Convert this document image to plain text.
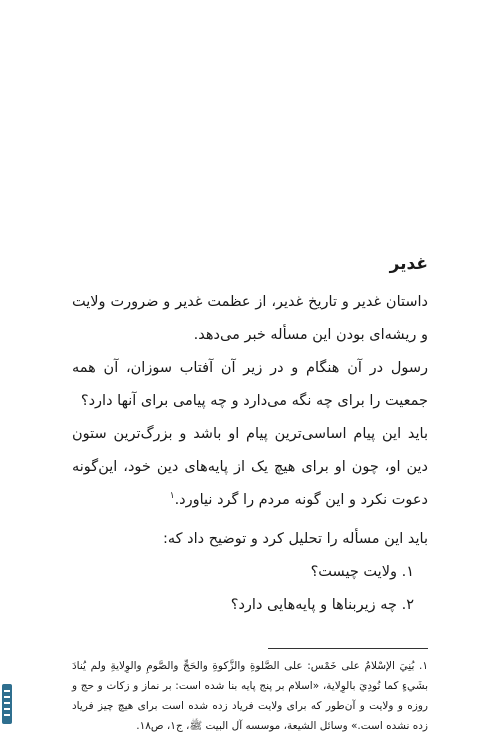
غدیر

داستان غدیر و تاریخ غدیر، از عظمت غدیر و ضرورت ولایت و ریشه‌ای بودن این مسأله خبر می‌دهد.

رسول در آن هنگام و در زیر آن آفتاب سوزان، آن همه جمعیت را برای چه نگه می‌دارد و چه پیامی برای آنها دارد؟

باید این پیام اساسی‌ترین پیام او باشد و بزرگ‌ترین ستون دین او، چون او برای هیچ یک از پایه‌های دین خود، این‌گونه دعوت نکرد و این گونه مردم را گرد نیاورد.$^۱$

باید این مسأله را تحلیل کرد و توضیح داد که:

۱. ولایت چیست؟

۲. چه زیربناها و پایه‌هایی دارد؟

۱. بُنِيَ الإسْلامُ على خَمْس: على الصَّلوةِ والزَّكوةِ والحَجِّ والصَّومِ والوِلايةِ ولم يُنادَ بشَيءٍ كما نُودِيَ بالوِلاية، «اسلام بر پنج پایه بنا شده است: بر نماز و زکات و حج و روزه و ولایت و آن‌طور که برای ولایت فریاد زده شده است برای هیچ چیز فریاد زده نشده است.» وسائل الشیعة، موسسه آل البیت ﷺ، ج۱، ص۱۸.
